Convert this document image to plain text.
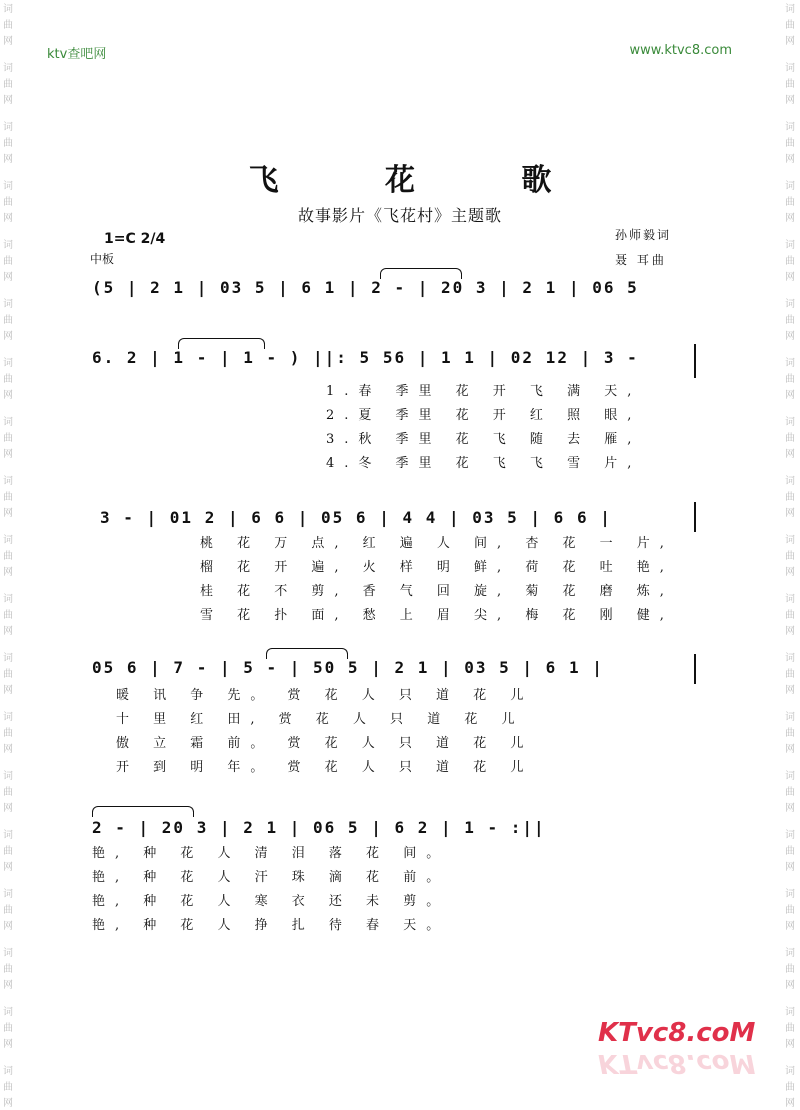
词
曲
网
词
曲
网
词
曲
网
词
曲
网
词
曲
网
词
曲
网
词
曲
网
词
曲
网
词
曲
网
词
曲
网
词
曲
网
词
曲
网
词
曲
网
词
曲
网
词
曲
网
词
曲
网
词
曲
网
词
曲
网
词
曲
网
词
曲
网
词
曲
网
词
曲
网
词
曲
网
词
曲
网
词
曲
网
词
曲
网
词
曲
网
词
曲
网
词
曲
网
词
曲
网
词
曲
网
词
曲
网
词
曲
网
词
曲
网
词
曲
网
词
曲
网
词
曲
网
词
曲
网
ktv查吧网	www.ktvc8.com
飞 花 歌
故事影片《飞花村》主题歌
1=C 2/4
中板
孙师毅词
聂 耳曲
(5 | 2 1 | 03 5 | 6 1 | 2 - | 20 3 | 2 1 | 06 5
6. 2 | 1 - | 1 - ) ||: 5 56 | 1 1 | 02 12 | 3 -
1.春 季里 花 开 飞 满 天,
2.夏 季里 花 开 红 照 眼,
3.秋 季里 花 飞 随 去 雁,
4.冬 季里 花 飞 飞 雪 片,
3 - | 01 2 | 6 6 | 05 6 | 4 4 | 03 5 | 6 6 |
桃 花 万 点, 红 遍 人 间, 杏 花 一 片,
榴 花 开 遍, 火 样 明 鲜, 荷 花 吐 艳,
桂 花 不 剪, 香 气 回 旋, 菊 花 磨 炼,
雪 花 扑 面, 愁 上 眉 尖, 梅 花 刚 健,
05 6 | 7 - | 5 - | 50 5 | 2 1 | 03 5 | 6 1 |
暖 讯 争 先。 赏 花 人 只 道 花 儿
十 里 红 田, 赏 花 人 只 道 花 儿
傲 立 霜 前。 赏 花 人 只 道 花 儿
开 到 明 年。 赏 花 人 只 道 花 儿
2 - | 20 3 | 2 1 | 06 5 | 6 2 | 1 - :||
艳, 种 花 人 清 泪 落 花 间。
艳, 种 花 人 汗 珠 滴 花 前。
艳, 种 花 人 寒 衣 还 未 剪。
艳, 种 花 人 挣 扎 待 春 天。
KTvc8.coM
KTvc8.coM
